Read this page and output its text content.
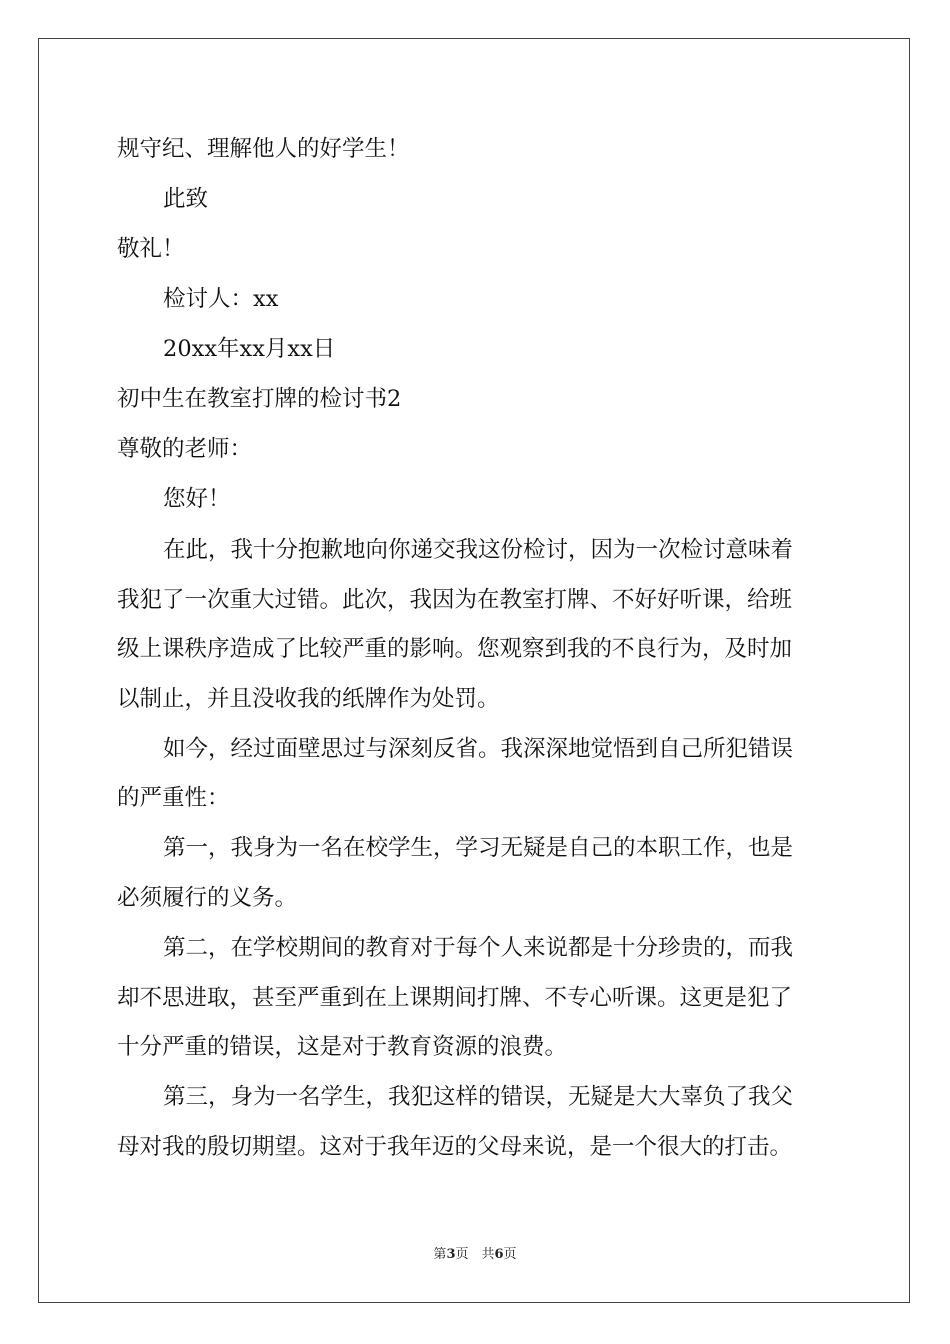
规守纪、理解他人的好学生！
此致
敬礼！
检讨人：xx
20xx年xx月xx日
初中生在教室打牌的检讨书2
尊敬的老师：
您好！
在此，我十分抱歉地向你递交我这份检讨，因为一次检讨意味着
我犯了一次重大过错。此次，我因为在教室打牌、不好好听课，给班
级上课秩序造成了比较严重的影响。您观察到我的不良行为，及时加
以制止，并且没收我的纸牌作为处罚。
如今，经过面壁思过与深刻反省。我深深地觉悟到自己所犯错误
的严重性：
第一，我身为一名在校学生，学习无疑是自己的本职工作，也是
必须履行的义务。
第二，在学校期间的教育对于每个人来说都是十分珍贵的，而我
却不思进取，甚至严重到在上课期间打牌、不专心听课。这更是犯了
十分严重的错误，这是对于教育资源的浪费。
第三，身为一名学生，我犯这样的错误，无疑是大大辜负了我父
母对我的殷切期望。这对于我年迈的父母来说，是一个很大的打击。
第3页　共6页
